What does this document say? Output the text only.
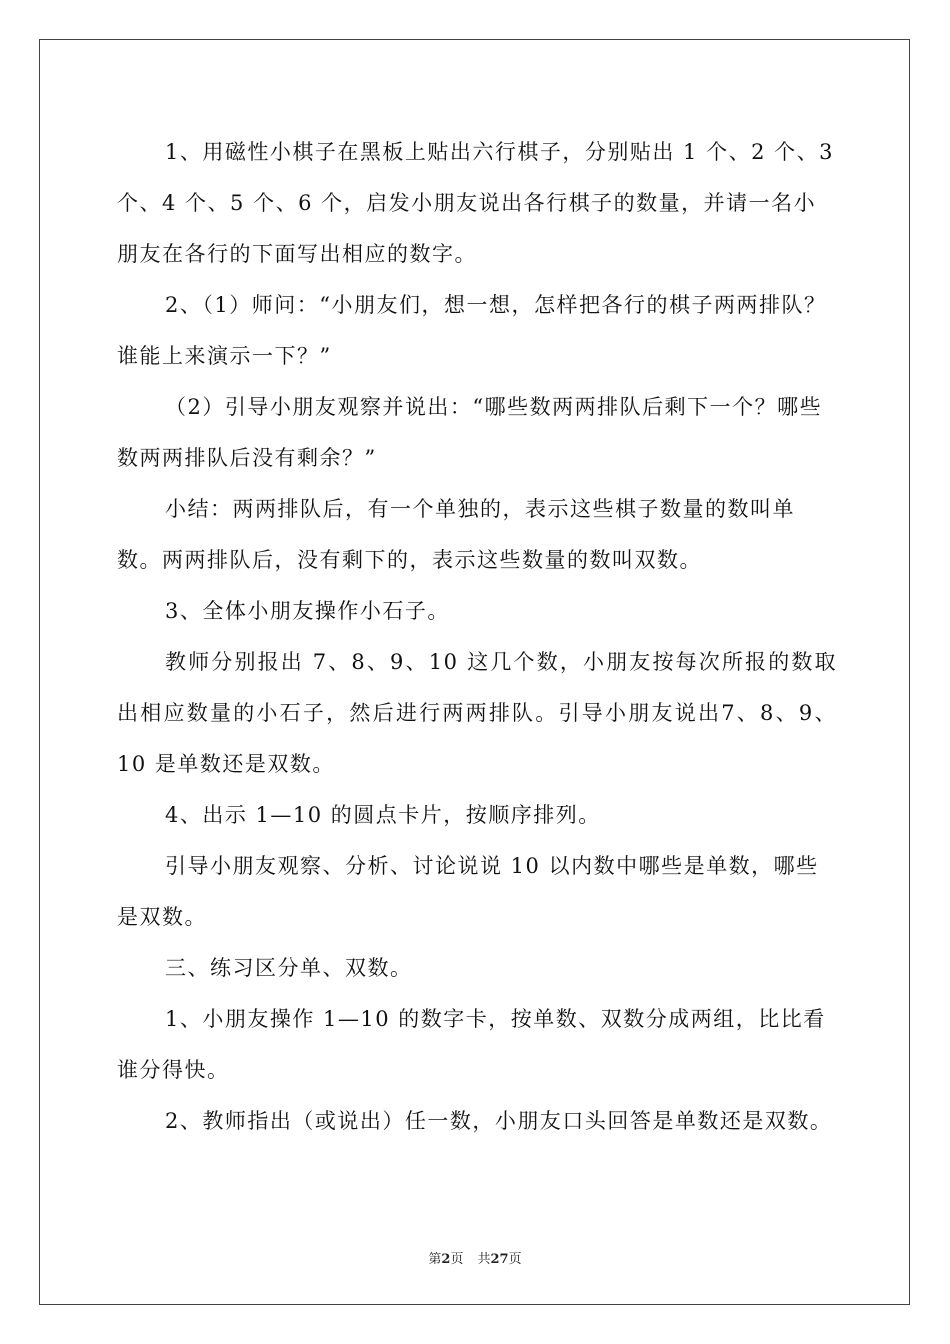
1、用磁性小棋子在黑板上贴出六行棋子，分别贴出 1 个、2 个、3 个、4 个、5 个、6 个，启发小朋友说出各行棋子的数量，并请一名小朋友在各行的下面写出相应的数字。

2、（1）师问：“小朋友们，想一想，怎样把各行的棋子两两排队？谁能上来演示一下？”

（2）引导小朋友观察并说出：“哪些数两两排队后剩下一个？哪些数两两排队后没有剩余？”

小结：两两排队后，有一个单独的，表示这些棋子数量的数叫单数。两两排队后，没有剩下的，表示这些数量的数叫双数。

3、全体小朋友操作小石子。

教师分别报出 7、8、9、10 这几个数，小朋友按每次所报的数取出相应数量的小石子，然后进行两两排队。引导小朋友说出7、8、9、10 是单数还是双数。

4、出示 1—10 的圆点卡片，按顺序排列。

引导小朋友观察、分析、讨论说说 10 以内数中哪些是单数，哪些是双数。

三、练习区分单、双数。

1、小朋友操作 1—10 的数字卡，按单数、双数分成两组，比比看谁分得快。

2、教师指出（或说出）任一数，小朋友口头回答是单数还是双数。

第2页 共27页
